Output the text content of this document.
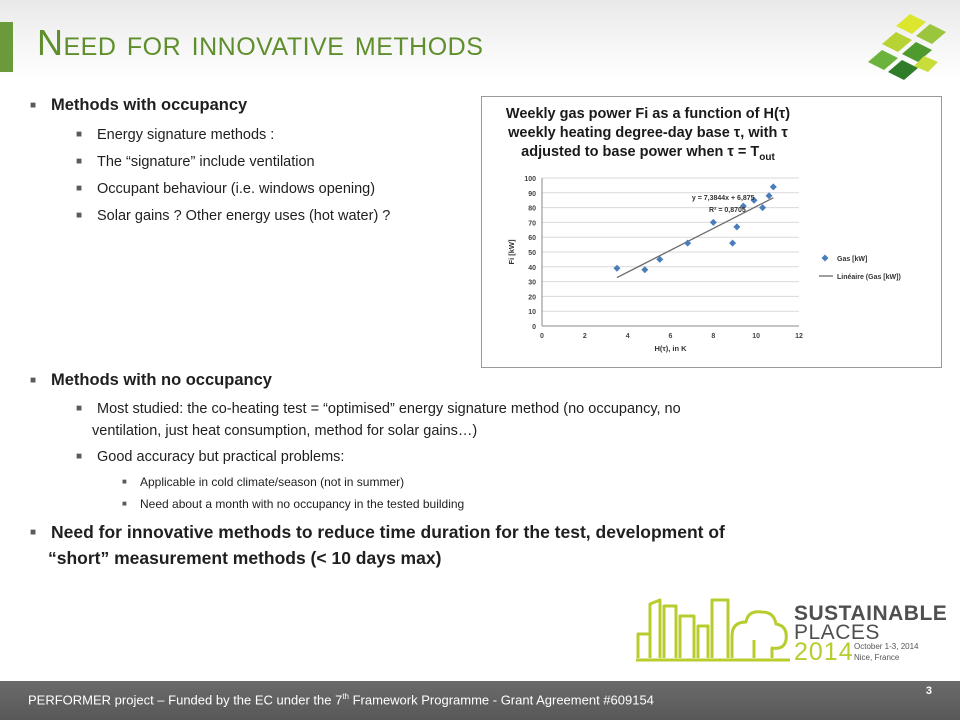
Need for innovative methods
■ Methods with occupancy
■ Energy signature methods :
■ The “signature” include ventilation
■ Occupant behaviour (i.e. windows opening)
■ Solar gains ? Other energy uses (hot water) ?
Weekly gas power Fi as a function of H(τ)
weekly heating degree-day base τ, with τ
adjusted to base power when $\tau = T_{out}$
0
10
20
30
40
50
60
70
80
90
100
0	2	4	6	8	10	12
H(τ), in K
Fi [kW]
y = 7,3844x + 6,875
R² = 0,8705
Gas [kW]
Linéaire (Gas [kW])
■ Methods with no occupancy
■ Most studied: the co-heating test = “optimised” energy signature method (no occupancy, no
ventilation, just heat consumption, method for solar gains…)
■ Good accuracy but practical problems:
■ Applicable in cold climate/season (not in summer)
■ Need about a month with no occupancy in the tested building
■ Need for innovative methods to reduce time duration for the test, development of
“short” measurement methods (< 10 days max)
SUSTAINABLE
PLACES
2014 October 1-3, 2014
Nice, France
PERFORMER project – Funded by the EC under the 7th Framework Programme - Grant Agreement #609154
3
